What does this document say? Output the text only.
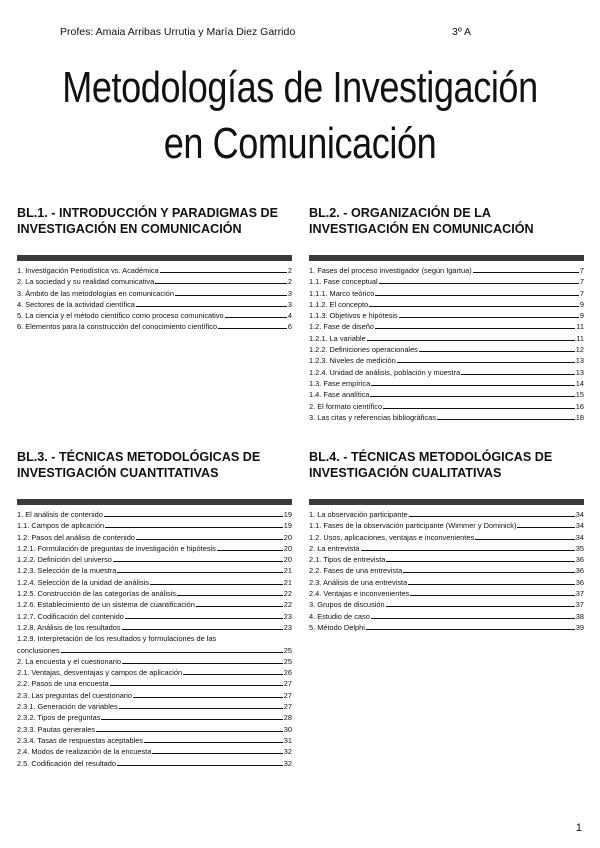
Profes: Amaia Arribas Urrutia y María Diez Garrido	3º A
Metodologías de Investigación
en Comunicación
BL.1. - INTRODUCCIÓN Y PARADIGMAS DE INVESTIGACIÓN EN COMUNICACIÓN
1. Investigación Periodística vs. Académica	2
2. La sociedad y su realidad comunicativa	2
3. Ámbito de las metodologías en comunicación	3
4. Sectores de la actividad científica	3
5. La ciencia y el método científico como proceso comunicativo	4
6. Elementos para la construcción del conocimiento científico	6
BL.2. - ORGANIZACIÓN DE LA INVESTIGACIÓN EN COMUNICACIÓN
1. Fases del proceso investigador (según Igartua)	7
1.1. Fase conceptual	7
1.1.1. Marco teórico	7
1.1.2. El concepto	9
1.1.3. Objetivos e hipótesis	9
1.2. Fase de diseño	11
1.2.1. La variable	11
1.2.2. Definiciones operacionales	12
1.2.3. Niveles de medición	13
1.2.4. Unidad de análisis, población y muestra	13
1.3. Fase empírica	14
1.4. Fase analítica	15
2. El formato científico	16
3. Las citas y referencias bibliográficas	18
BL.3. - TÉCNICAS METODOLÓGICAS DE INVESTIGACIÓN CUANTITATIVAS
1. El análisis de contenido	19
1.1. Campos de aplicación	19
1.2. Pasos del análisis de contenido	20
1.2.1. Formulación de preguntas de investigación e hipótesis	20
1.2.2. Definición del universo	20
1.2.3. Selección de la muestra	21
1.2.4. Selección de la unidad de análisis	21
1.2.5. Construcción de las categorías de análisis	22
1.2.6. Establecimiento de un sistema de cuantificación	22
1.2.7. Codificación del contenido	23
1.2.8. Análisis de los resultados	23
1.2.9. Interpretación de los resultados y formulaciones de las
conclusiones	25
2. La encuesta y el cuestionario	25
2.1. Ventajas, desventajas y campos de aplicación	26
2.2. Pasos de una encuesta	27
2.3. Las preguntas del cuestionario	27
2.3.1. Generación de variables	27
2.3.2. Tipos de preguntas	28
2.3.3. Pautas generales	30
2.3.4. Tasas de respuestas aceptables	31
2.4. Modos de realización de la encuesta	32
2.5. Codificación del resultado	32
BL.4. - TÉCNICAS METODOLÓGICAS DE INVESTIGACIÓN CUALITATIVAS
1. La observación participante	34
1.1. Fases de la observación participante (Wimmer y Dominick)	34
1.2. Usos, aplicaciones, ventajas e inconvenientes	34
2. La entrevista	35
2.1. Tipos de entrevista	36
2.2. Fases de una entrevista	36
2.3. Análisis de una entrevista	36
2.4. Ventajas e inconvenientes	37
3. Grupos de discusión	37
4. Estudio de caso	38
5. Método Delphi	39
1
